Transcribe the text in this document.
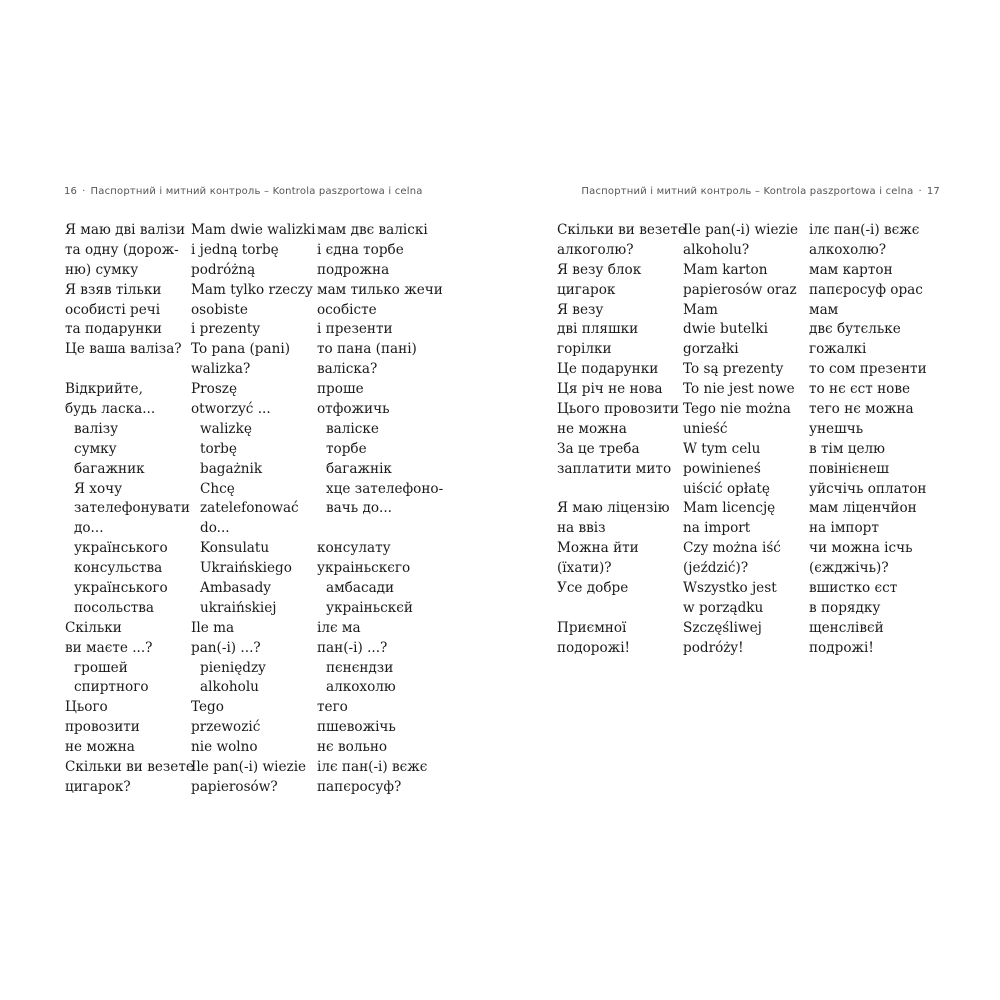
16 · Паспортний і митний контроль – Kontrola paszportowa i celna
Я маю дві валізи
та одну (дорож-
ню) сумку
Я взяв тільки
особисті речі
та подарунки
Це ваша валіза?
Відкрийте,
будь ласка...
валізу
сумку
багажник
Я хочу
зателефонувати
до...
українського
консульства
українського
посольства
Скільки
ви маєте ...?
грошей
спиртного
Цього
провозити
не можна
Скільки ви везете
цигарок?
Mam dwie walizki
i jedną torbę
podróżną
Mam tylko rzeczy
osobiste
i prezenty
To pana (pani)
walizka?
Proszę
otworzyć ...
walizkę
torbę
bagażnik
Chcę
zatelefonować
do...
Konsulatu
Ukraińskiego
Ambasady
ukraińskiej
Ile ma
pan(-i) ...?
pieniędzy
alkoholu
Tego
przewozić
nie wolno
Ile pan(-i) wiezie
papierosów?
мам двє валіскі
і єдна торбе
подрожна
мам тилько жечи
особісте
і презенти
то пана (пані)
валіска?
проше
отфожичь
валіске
торбе
багажнік
хце зателефоно-
вачь до...
консулату
украіньскєго
амбасади
украіньскєй
ілє ма
пан(-і) ...?
пєнєндзи
алкохолю
тего
пшевожічь
нє вольно
ілє пан(-і) вєжє
папєросуф?
Паспортний і митний контроль – Kontrola paszportowa i celna · 17
Скільки ви везете
алкоголю?
Я везу блок
цигарок
Я везу
дві пляшки
горілки
Це подарунки
Ця річ не нова
Цього провозити
не можна
За це треба
заплатити мито
Я маю ліцензію
на ввіз
Можна йти
(їхати)?
Усе добре
Приємної
подорожі!
Ile pan(-i) wiezie
alkoholu?
Mam karton
papierosów oraz
Mam
dwie butelki
gorzałki
To są prezenty
To nie jest nowe
Tego nie można
unieść
W tym celu
powinieneś
uiścić opłatę
Mam licencję
na import
Czy można iść
(jeździć)?
Wszystko jest
w porządku
Szczęśliwej
podróży!
ілє пан(-і) вєжє
алкохолю?
мам картон
папєросуф орас
мам
двє бутєльке
гожалкі
то сом презенти
то нє єст нове
тего нє можна
унешчь
в тім целю
повінієнеш
уйсчічь оплатон
мам ліценчйон
на імпорт
чи можна ісчь
(єжджічь)?
вшистко єст
в порядку
щенслівєй
подрожі!
